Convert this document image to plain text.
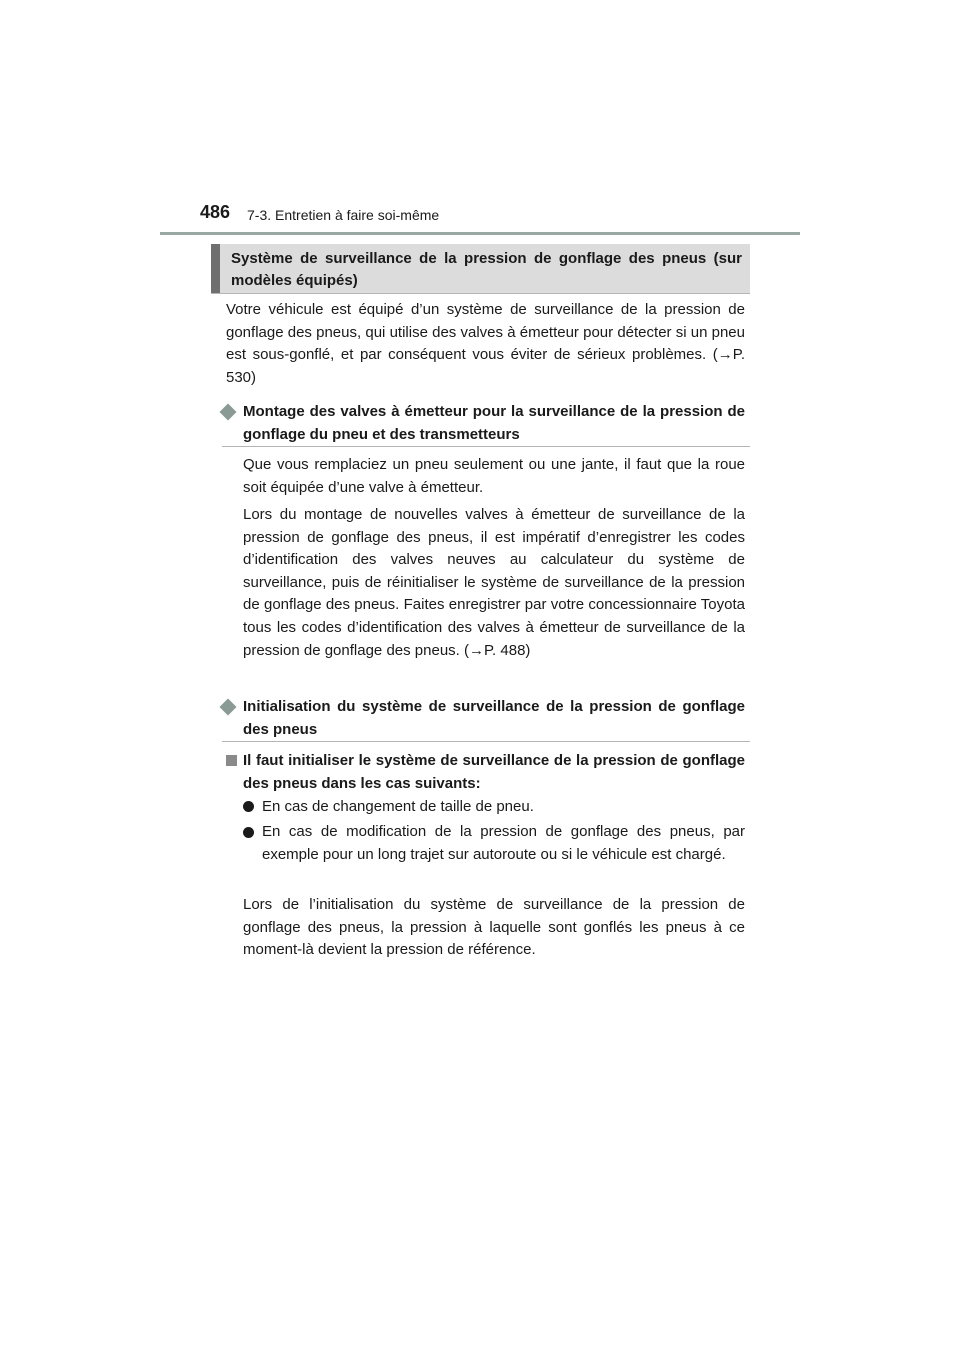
486 7-3. Entretien à faire soi-même
Système de surveillance de la pression de gonflage des pneus (sur modèles équipés)

Votre véhicule est équipé d’un système de surveillance de la pression de gonflage des pneus, qui utilise des valves à émetteur pour détecter si un pneu est sous-gonflé, et par conséquent vous éviter de sérieux problèmes. (→P. 530)

Montage des valves à émetteur pour la surveillance de la pression de gonflage du pneu et des transmetteurs

Que vous remplaciez un pneu seulement ou une jante, il faut que la roue soit équipée d’une valve à émetteur.

Lors du montage de nouvelles valves à émetteur de surveillance de la pression de gonflage des pneus, il est impératif d’enregistrer les codes d’identification des valves neuves au calculateur du système de surveillance, puis de réinitialiser le système de surveillance de la pression de gonflage des pneus. Faites enregistrer par votre concessionnaire Toyota tous les codes d’identification des valves à émetteur de surveillance de la pression de gonflage des pneus. (→P. 488)

Initialisation du système de surveillance de la pression de gonflage des pneus
Il faut initialiser le système de surveillance de la pression de gonflage des pneus dans les cas suivants:

En cas de changement de taille de pneu.

En cas de modification de la pression de gonflage des pneus, par exemple pour un long trajet sur autoroute ou si le véhicule est chargé.

Lors de l’initialisation du système de surveillance de la pression de gonflage des pneus, la pression à laquelle sont gonflés les pneus à ce moment-là devient la pression de référence.
